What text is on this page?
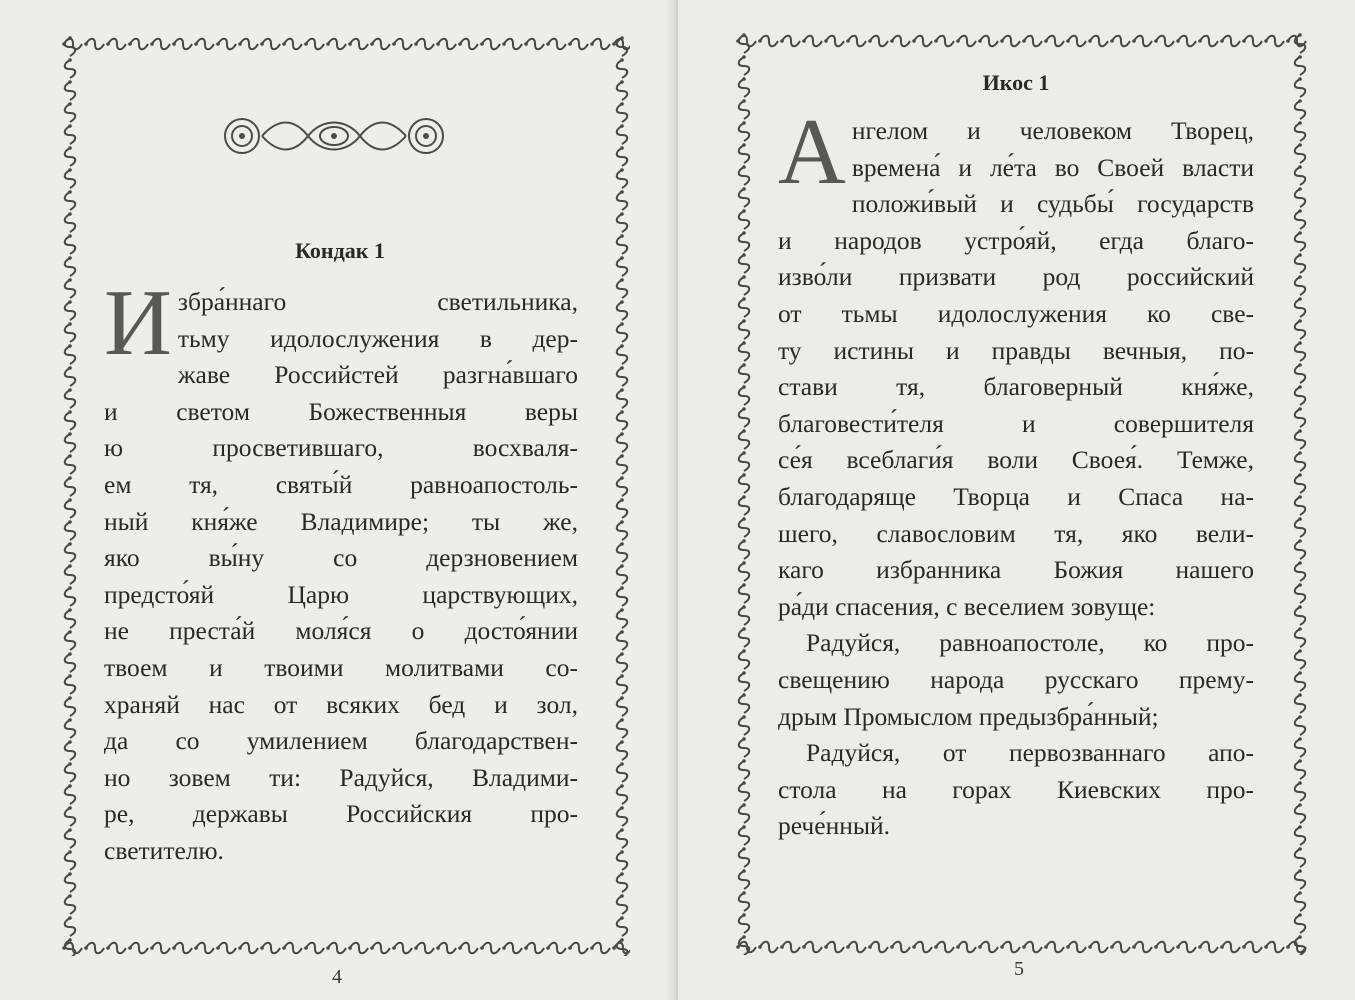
Кондак 1
И збра́ннаго светильника,
тьму идолослужения в дер-
жаве Российстей разгна́вшаго
и светом Божественныя веры
ю просветившаго, восхваля-
ем тя, святы́й равноапостоль-
ный кня́же Владимире; ты же,
яко вы́ну со дерзновением
предсто́яй Царю царствующих,
не преста́й моля́ся о досто́янии
твоем и твоими молитвами со-
храняй нас от всяких бед и зол,
да со умилением благодарствен-
но зовем ти: Радуйся, Владими-
ре, державы Российския про-
светителю.
4
Икос 1
А нгелом и человеком Творец,
времена́ и ле́та во Своей власти
положи́вый и судьбы́ государств
и народов устро́яй, егда благо-
изво́ли призвати род российский
от тьмы идолослужения ко све-
ту истины и правды вечныя, по-
стави тя, благоверный кня́же,
благовести́теля и совершителя
се́я всеблаги́я воли Своея́. Темже,
благодаряще Творца и Спаса на-
шего, славословим тя, яко вели-
каго избранника Божия нашего
ра́ди спасения, с веселием зовуще:
Радуйся, равноапостоле, ко про-
свещению народа русскаго прему-
дрым Промыслом предызбра́нный;
Радуйся, от первозваннаго апо-
стола на горах Киевских про-
рече́нный.
5
